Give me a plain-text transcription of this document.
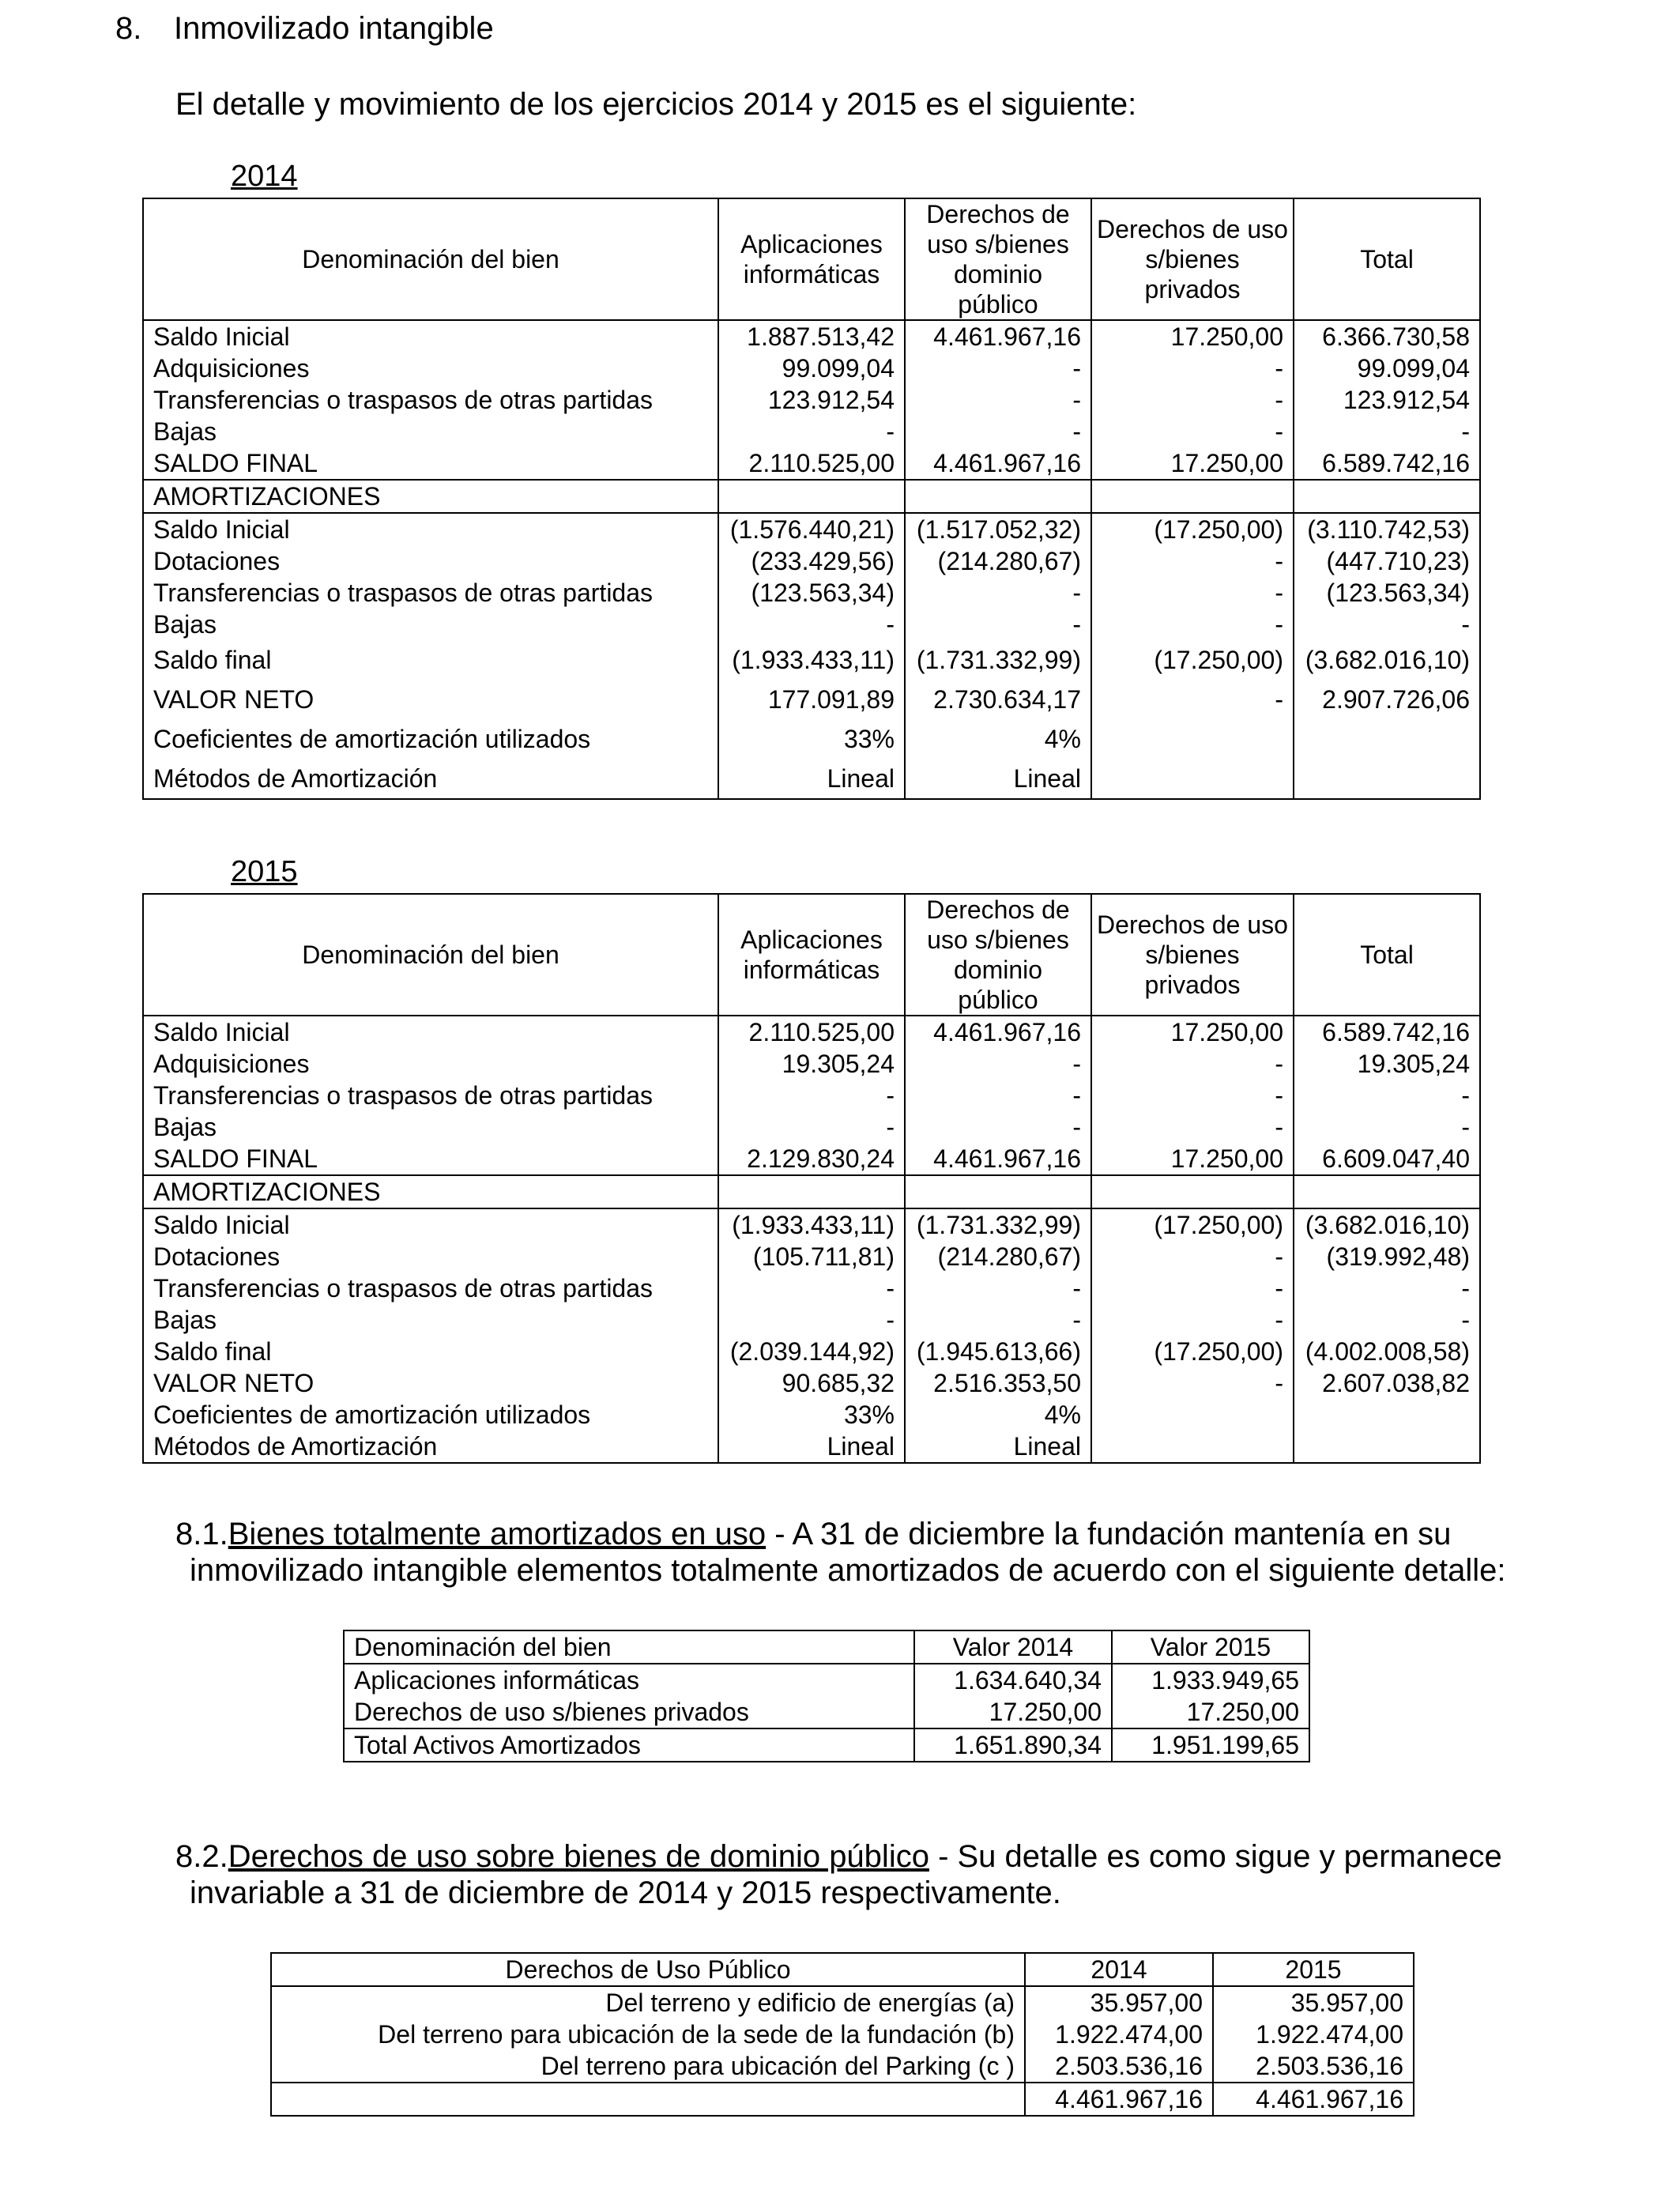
8. Inmovilizado intangible
El detalle y movimiento de los ejercicios 2014 y 2015 es el siguiente:
2014
Denominación del bien	Aplicaciones informáticas	Derechos de uso s/bienes dominio público	Derechos de uso s/bienes privados	Total
Saldo Inicial	1.887.513,42	4.461.967,16	17.250,00	6.366.730,58
Adquisiciones	99.099,04	-	-	99.099,04
Transferencias o traspasos de otras partidas	123.912,54	-	-	123.912,54
Bajas	-	-	-	-
SALDO FINAL	2.110.525,00	4.461.967,16	17.250,00	6.589.742,16
AMORTIZACIONES				
Saldo Inicial	(1.576.440,21)	(1.517.052,32)	(17.250,00)	(3.110.742,53)
Dotaciones	(233.429,56)	(214.280,67)	-	(447.710,23)
Transferencias o traspasos de otras partidas	(123.563,34)	-	-	(123.563,34)
Bajas	-	-	-	-
Saldo final	(1.933.433,11)	(1.731.332,99)	(17.250,00)	(3.682.016,10)
VALOR NETO	177.091,89	2.730.634,17	-	2.907.726,06
Coeficientes de amortización utilizados	33%	4%		
Métodos de Amortización	Lineal	Lineal		
2015
Denominación del bien	Aplicaciones informáticas	Derechos de uso s/bienes dominio público	Derechos de uso s/bienes privados	Total
Saldo Inicial	2.110.525,00	4.461.967,16	17.250,00	6.589.742,16
Adquisiciones	19.305,24	-	-	19.305,24
Transferencias o traspasos de otras partidas	-	-	-	-
Bajas	-	-	-	-
SALDO FINAL	2.129.830,24	4.461.967,16	17.250,00	6.609.047,40
AMORTIZACIONES				
Saldo Inicial	(1.933.433,11)	(1.731.332,99)	(17.250,00)	(3.682.016,10)
Dotaciones	(105.711,81)	(214.280,67)	-	(319.992,48)
Transferencias o traspasos de otras partidas	-	-	-	-
Bajas	-	-	-	-
Saldo final	(2.039.144,92)	(1.945.613,66)	(17.250,00)	(4.002.008,58)
VALOR NETO	90.685,32	2.516.353,50	-	2.607.038,82
Coeficientes de amortización utilizados	33%	4%		
Métodos de Amortización	Lineal	Lineal		
8.1.Bienes totalmente amortizados en uso - A 31 de diciembre la fundación mantenía en su
inmovilizado intangible elementos totalmente amortizados de acuerdo con el siguiente detalle:
Denominación del bien	Valor 2014	Valor 2015
Aplicaciones informáticas	1.634.640,34	1.933.949,65
Derechos de uso s/bienes privados	17.250,00	17.250,00
Total Activos Amortizados	1.651.890,34	1.951.199,65
8.2.Derechos de uso sobre bienes de dominio público - Su detalle es como sigue y permanece
invariable a 31 de diciembre de 2014 y 2015 respectivamente.
Derechos de Uso Público	2014	2015
Del terreno y edificio de energías (a)	35.957,00	35.957,00
Del terreno para ubicación de la sede de la fundación (b)	1.922.474,00	1.922.474,00
Del terreno para ubicación del Parking (c )	2.503.536,16	2.503.536,16
	4.461.967,16	4.461.967,16
